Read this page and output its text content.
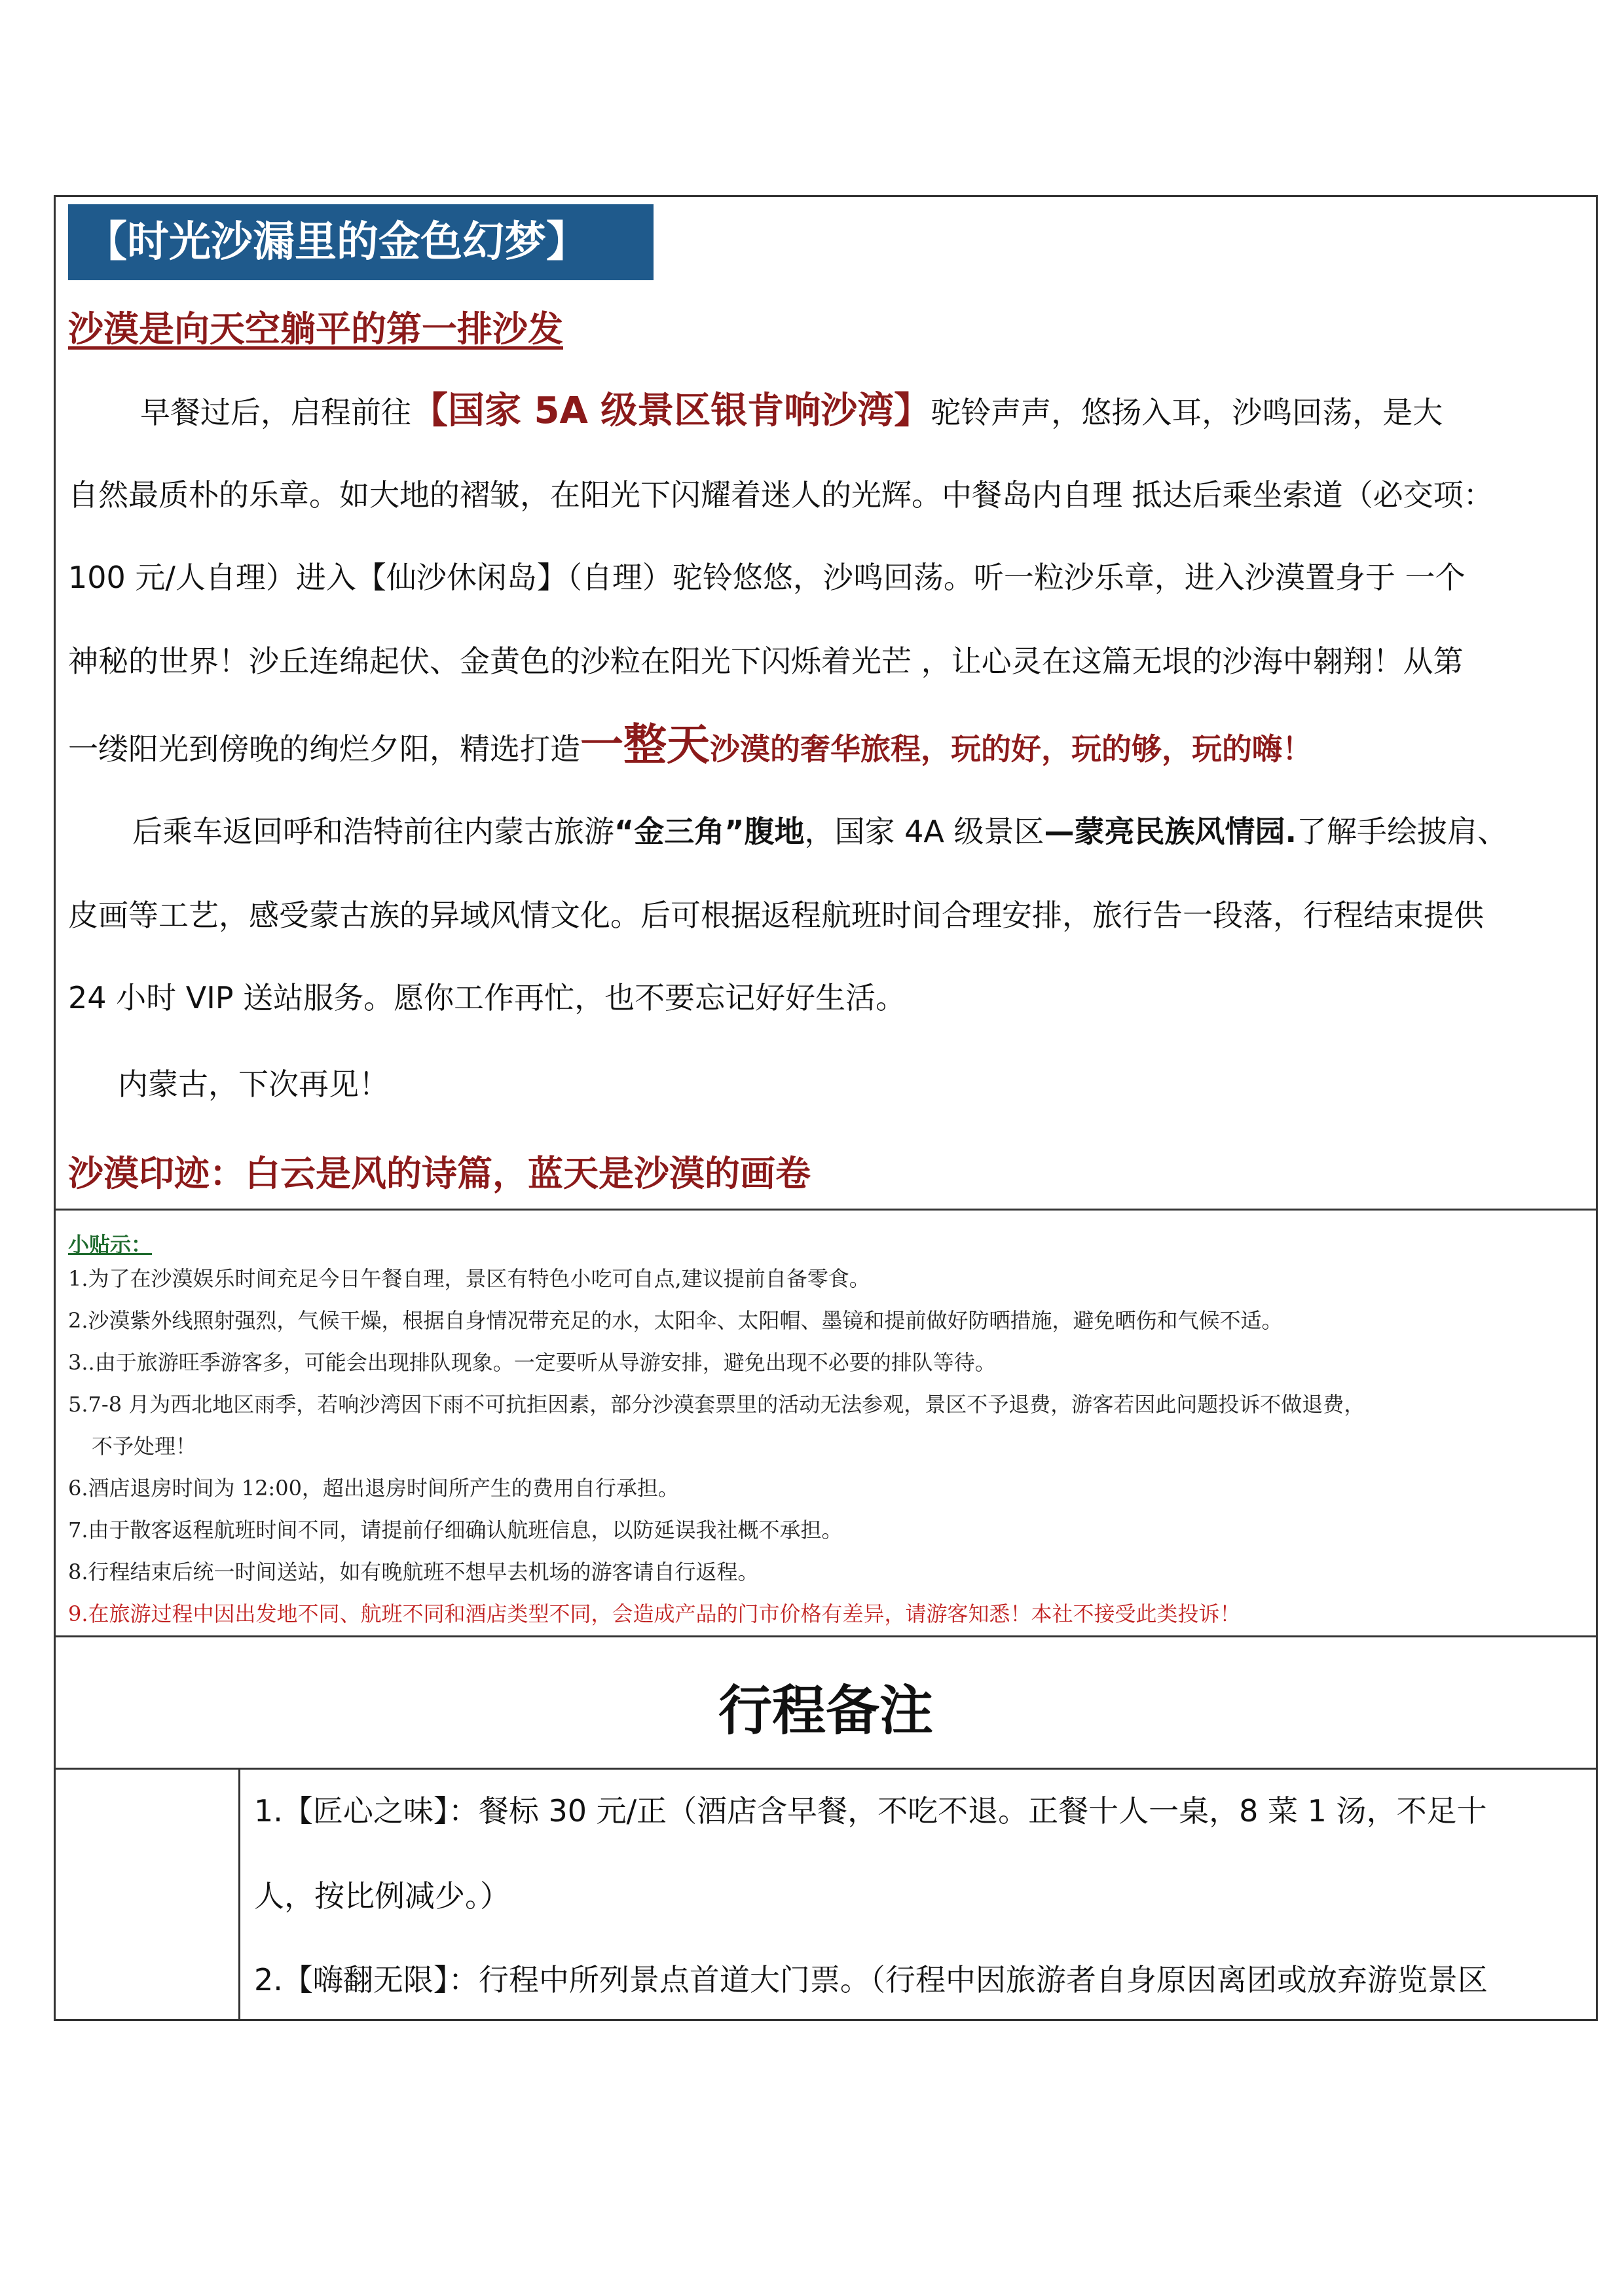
【时光沙漏里的金色幻梦】
沙漠是向天空躺平的第一排沙发
早餐过后，启程前往【国家 5A 级景区银肯响沙湾】驼铃声声，悠扬入耳，沙鸣回荡，是大
自然最质朴的乐章。如大地的褶皱，在阳光下闪耀着迷人的光辉。中餐岛内自理 抵达后乘坐索道（必交项：
100 元/人自理）进入【仙沙休闲岛】（自理）驼铃悠悠，沙鸣回荡。听一粒沙乐章，进入沙漠置身于 一个
神秘的世界！沙丘连绵起伏、金黄色的沙粒在阳光下闪烁着光芒 ，让心灵在这篇无垠的沙海中翱翔！从第
一缕阳光到傍晚的绚烂夕阳，精选打造一整天沙漠的奢华旅程，玩的好，玩的够，玩的嗨！
后乘车返回呼和浩特前往内蒙古旅游“金三角”腹地，国家 4A 级景区—蒙亮民族风情园.了解手绘披肩、
皮画等工艺，感受蒙古族的异域风情文化。后可根据返程航班时间合理安排，旅行告一段落，行程结束提供
24 小时 VIP 送站服务。愿你工作再忙，也不要忘记好好生活。
内蒙古，下次再见！
沙漠印迹：白云是风的诗篇，蓝天是沙漠的画卷
小贴示：
1.为了在沙漠娱乐时间充足今日午餐自理，景区有特色小吃可自点,建议提前自备零食。
2.沙漠紫外线照射强烈，气候干燥，根据自身情况带充足的水，太阳伞、太阳帽、墨镜和提前做好防晒措施，避免晒伤和气候不适。
3..由于旅游旺季游客多，可能会出现排队现象。一定要听从导游安排，避免出现不必要的排队等待。
5.7-8 月为西北地区雨季，若响沙湾因下雨不可抗拒因素，部分沙漠套票里的活动无法参观，景区不予退费，游客若因此问题投诉不做退费，
不予处理！
6.酒店退房时间为 12:00，超出退房时间所产生的费用自行承担。
7.由于散客返程航班时间不同，请提前仔细确认航班信息，以防延误我社概不承担。
8.行程结束后统一时间送站，如有晚航班不想早去机场的游客请自行返程。
9.在旅游过程中因出发地不同、航班不同和酒店类型不同，会造成产品的门市价格有差异，请游客知悉！本社不接受此类投诉！
行程备注
1.【匠心之味】：餐标 30 元/正（酒店含早餐，不吃不退。正餐十人一桌，8 菜 1 汤，不足十
人，按比例减少。）
2.【嗨翻无限】：行程中所列景点首道大门票。（行程中因旅游者自身原因离团或放弃游览景区
